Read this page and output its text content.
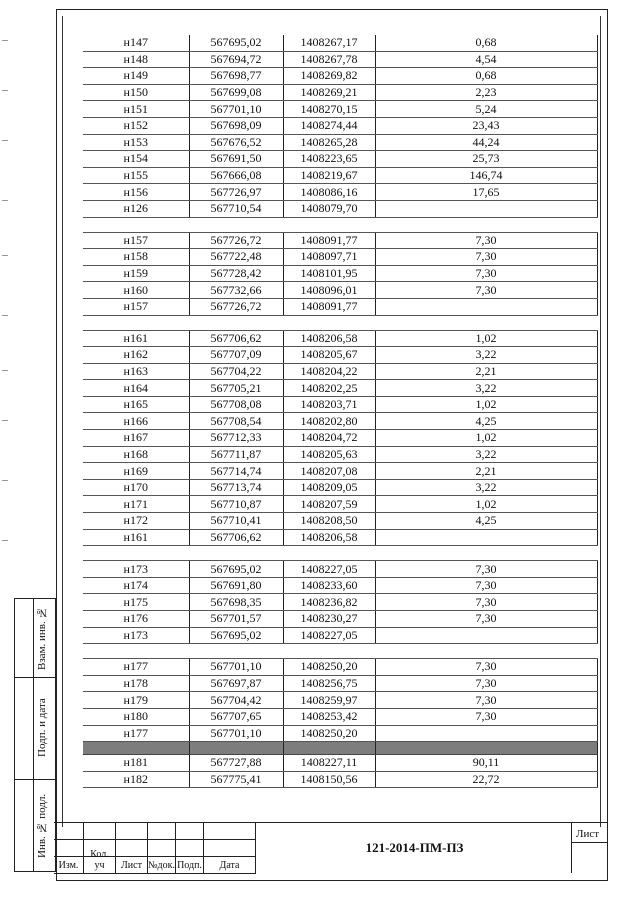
Взам. инв. №
Подп. и дата
Инв. № подл.
н147	567695,02	1408267,17	0,68
н148	567694,72	1408267,78	4,54
н149	567698,77	1408269,82	0,68
н150	567699,08	1408269,21	2,23
н151	567701,10	1408270,15	5,24
н152	567698,09	1408274,44	23,43
н153	567676,52	1408265,28	44,24
н154	567691,50	1408223,65	25,73
н155	567666,08	1408219,67	146,74
н156	567726,97	1408086,16	17,65
н126	567710,54	1408079,70	

н157	567726,72	1408091,77	7,30
н158	567722,48	1408097,71	7,30
н159	567728,42	1408101,95	7,30
н160	567732,66	1408096,01	7,30
н157	567726,72	1408091,77	

н161	567706,62	1408206,58	1,02
н162	567707,09	1408205,67	3,22
н163	567704,22	1408204,22	2,21
н164	567705,21	1408202,25	3,22
н165	567708,08	1408203,71	1,02
н166	567708,54	1408202,80	4,25
н167	567712,33	1408204,72	1,02
н168	567711,87	1408205,63	3,22
н169	567714,74	1408207,08	2,21
н170	567713,74	1408209,05	3,22
н171	567710,87	1408207,59	1,02
н172	567710,41	1408208,50	4,25
н161	567706,62	1408206,58	

н173	567695,02	1408227,05	7,30
н174	567691,80	1408233,60	7,30
н175	567698,35	1408236,82	7,30
н176	567701,57	1408230,27	7,30
н173	567695,02	1408227,05	

н177	567701,10	1408250,20	7,30
н178	567697,87	1408256,75	7,30
н179	567704,42	1408259,97	7,30
н180	567707,65	1408253,42	7,30
н177	567701,10	1408250,20	

н181	567727,88	1408227,11	90,11
н182	567775,41	1408150,56	22,72
Изм.
Кол. уч	Лист №док. Подп.	Дата
121-2014-ПМ-ПЗ
Лист
